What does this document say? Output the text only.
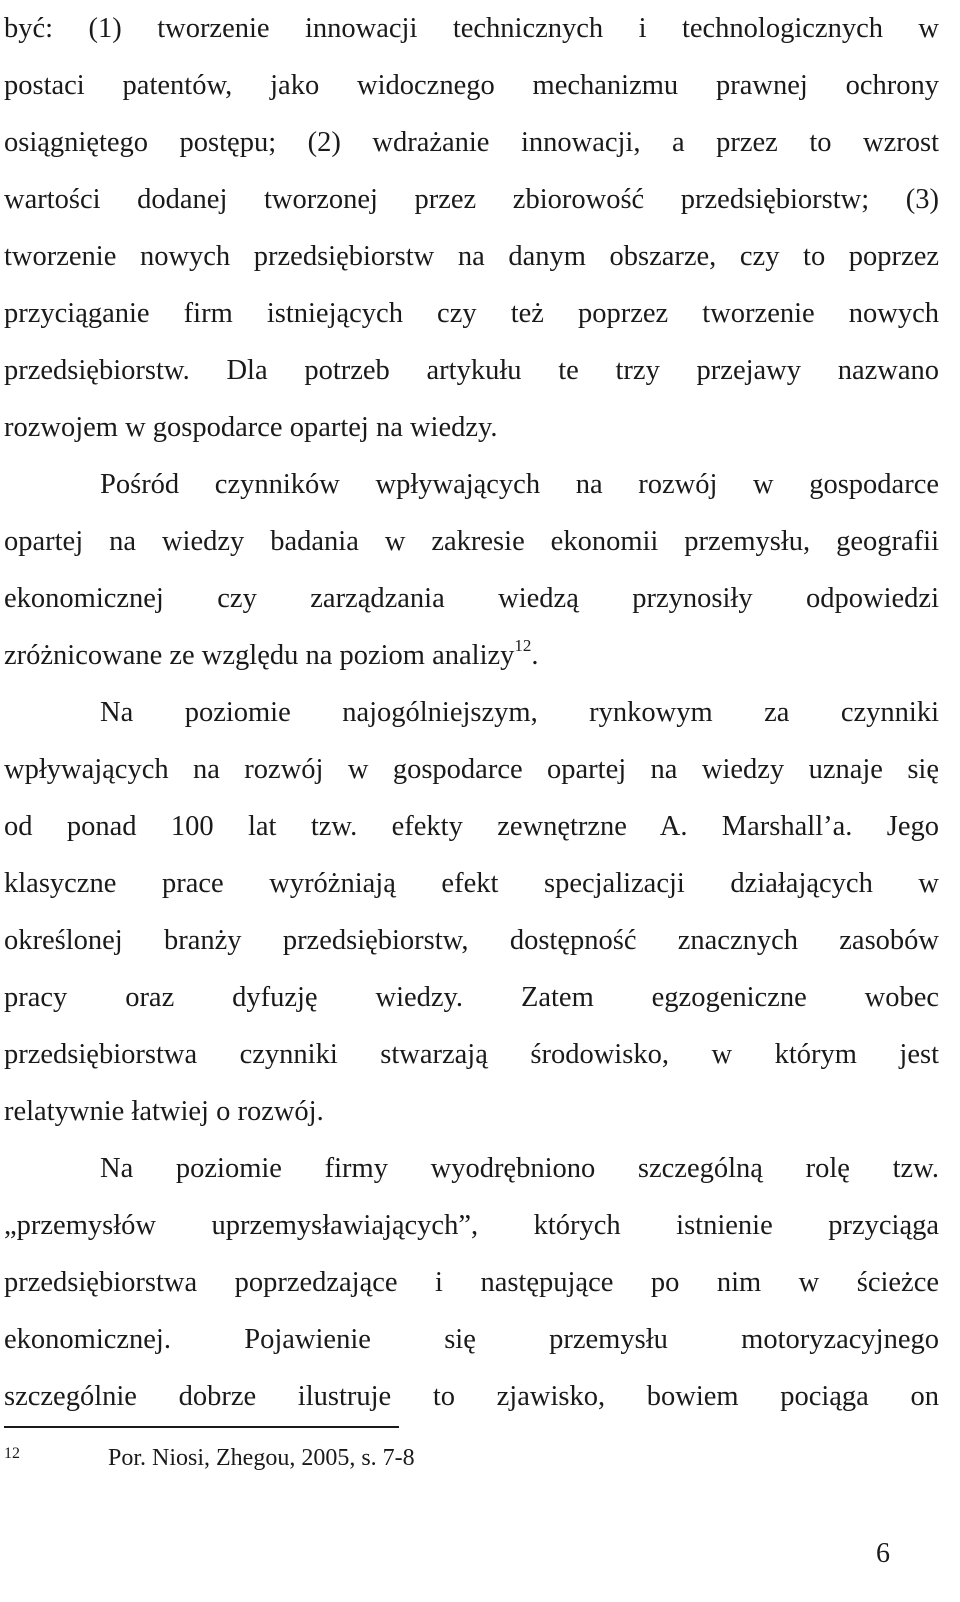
być: (1) tworzenie innowacji technicznych i technologicznych w
postaci patentów, jako widocznego mechanizmu prawnej ochrony
osiągniętego postępu; (2) wdrażanie innowacji, a przez to wzrost
wartości dodanej tworzonej przez zbiorowość przedsiębiorstw; (3)
tworzenie nowych przedsiębiorstw na danym obszarze, czy to poprzez
przyciąganie firm istniejących czy też poprzez tworzenie nowych
przedsiębiorstw. Dla potrzeb artykułu te trzy przejawy nazwano
rozwojem w gospodarce opartej na wiedzy.
Pośród czynników wpływających na rozwój w gospodarce
opartej na wiedzy badania w zakresie ekonomii przemysłu, geografii
ekonomicznej czy zarządzania wiedzą przynosiły odpowiedzi
zróżnicowane ze względu na poziom analizy$^{12}$.
Na poziomie najogólniejszym, rynkowym za czynniki
wpływających na rozwój w gospodarce opartej na wiedzy uznaje się
od ponad 100 lat tzw. efekty zewnętrzne A. Marshall’a. Jego
klasyczne prace wyróżniają efekt specjalizacji działających w
określonej branży przedsiębiorstw, dostępność znacznych zasobów
pracy oraz dyfuzję wiedzy. Zatem egzogeniczne wobec
przedsiębiorstwa czynniki stwarzają środowisko, w którym jest
relatywnie łatwiej o rozwój.
Na poziomie firmy wyodrębniono szczególną rolę tzw.
„przemysłów uprzemysławiających”, których istnienie przyciąga
przedsiębiorstwa poprzedzające i następujące po nim w ścieżce
ekonomicznej. Pojawienie się przemysłu motoryzacyjnego
szczególnie dobrze ilustruje to zjawisko, bowiem pociąga on
12	Por. Niosi, Zhegou, 2005, s. 7-8
6
